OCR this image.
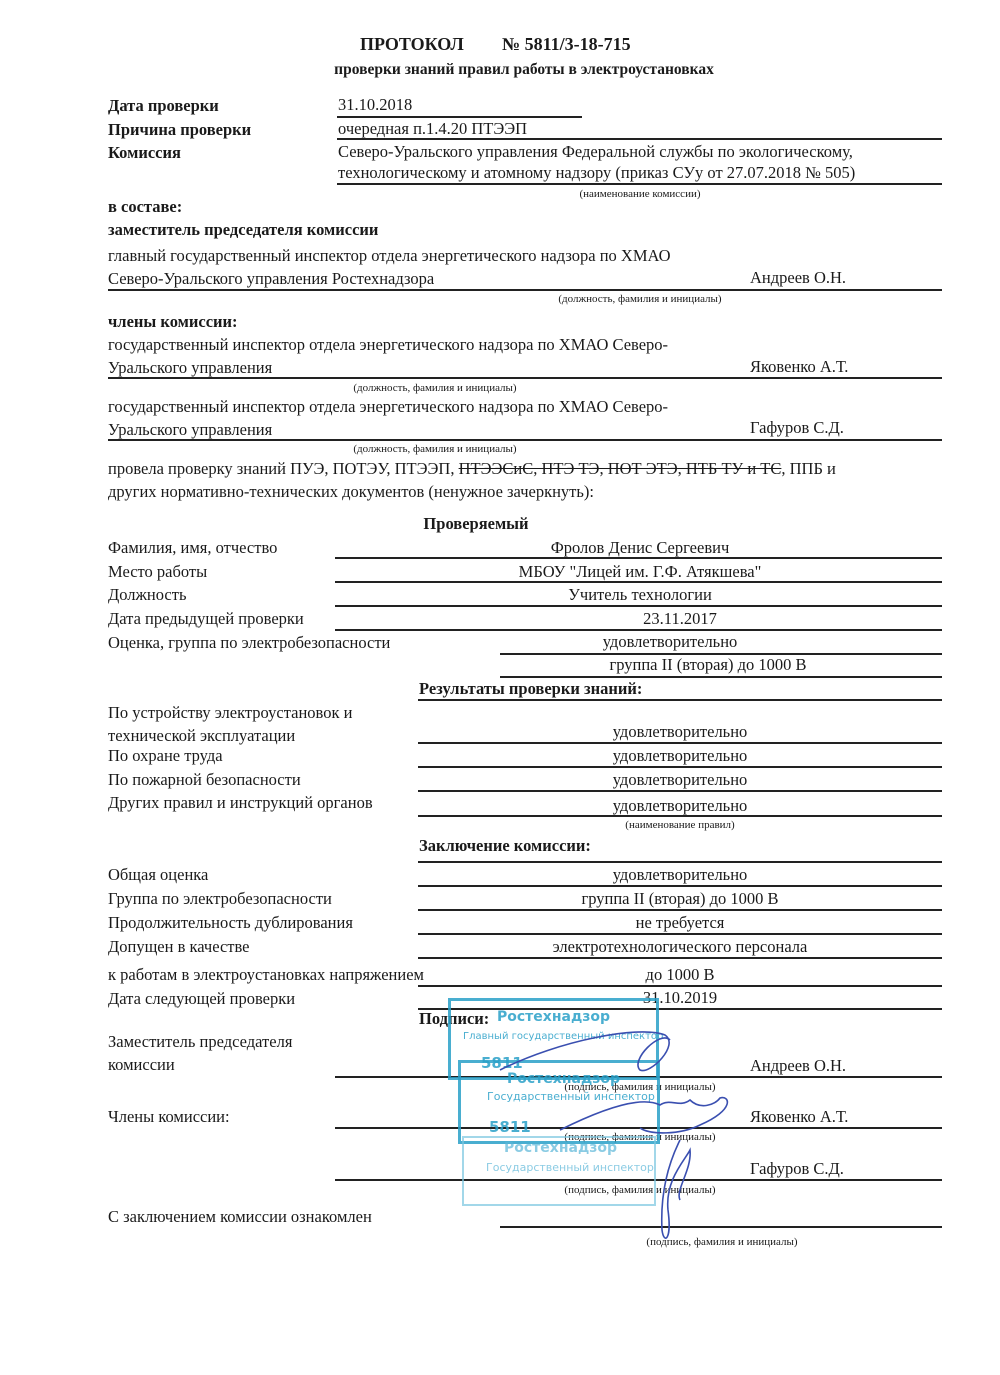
ПРОТОКОЛ № 5811/3-18-715
проверки знаний правил работы в электроустановках
Дата проверки	31.10.2018
Причина проверки	очередная п.1.4.20 ПТЭЭП
Комиссия	Северо-Уральского управления Федеральной службы по экологическому,
технологическому и атомному надзору (приказ СУу от 27.07.2018 № 505)
(наименование комиссии)
в составе:
заместитель председателя комиссии
главный государственный инспектор отдела энергетического надзора по ХМАО
Северо-Уральского управления Ростехнадзора	Андреев О.Н.
(должность, фамилия и инициалы)
члены комиссии:
государственный инспектор отдела энергетического надзора по ХМАО Северо-
Уральского управления	Яковенко А.Т.
(должность, фамилия и инициалы)
государственный инспектор отдела энергетического надзора по ХМАО Северо-
Уральского управления	Гафуров С.Д.
(должность, фамилия и инициалы)
провела проверку знаний ПУЭ, ПОТЭУ, ПТЭЭП, ПТЭЭСиС, ПТЭ ТЭ, ПОТ ЭТЭ, ПТБ ТУ и ТС, ППБ и
других нормативно-технических документов (ненужное зачеркнуть):
Проверяемый
Фамилия, имя, отчество	Фролов Денис Сергеевич
Место работы	МБОУ "Лицей им. Г.Ф. Атякшева"
Должность	Учитель технологии
Дата предыдущей проверки	23.11.2017
Оценка, группа по электробезопасности	удовлетворительно
группа II (вторая) до 1000 В
Результаты проверки знаний:
По устройству электроустановок и
технической эксплуатации	удовлетворительно
По охране труда	удовлетворительно
По пожарной безопасности	удовлетворительно
Других правил и инструкций органов	удовлетворительно
(наименование правил)
Заключение комиссии:
Общая оценка	удовлетворительно
Группа по электробезопасности	группа II (вторая) до 1000 В
Продолжительность дублирования	не требуется
Допущен в качестве	электротехнологического персонала
к работам в электроустановках напряжением	до 1000 В
Дата следующей проверки	31.10.2019
Подписи:
Заместитель председателя
комиссии	Андреев О.Н.
(подпись, фамилия и инициалы)
Члены комиссии:	Яковенко А.Т.
(подпись, фамилия и инициалы)
Гафуров С.Д.
(подпись, фамилия и инициалы)
С заключением комиссии ознакомлен
(подпись, фамилия и инициалы)
Ростехнадзор
Главный государственный инспектор
5811
Ростехнадзор
Государственный инспектор
5811
Ростехнадзор
Государственный инспектор
